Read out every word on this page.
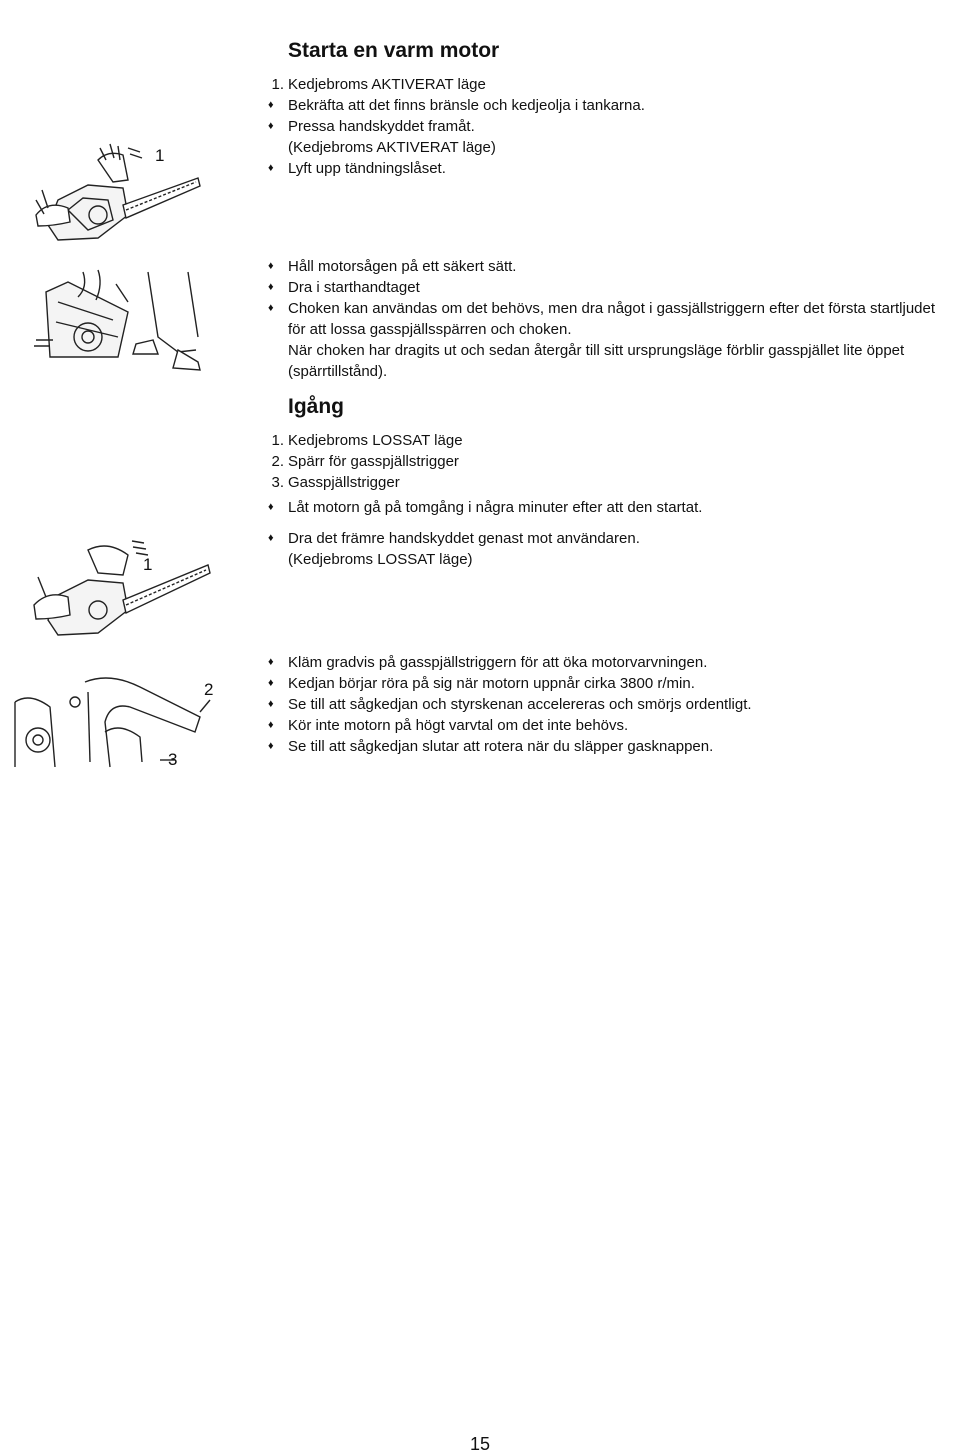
1
1
2
3
Starta en varm motor
1. Kedjebroms AKTIVERAT läge
♦ Bekräfta att det finns bränsle och kedjeolja i tankarna.
♦ Pressa handskyddet framåt.
(Kedjebroms AKTIVERAT läge)
♦ Lyft upp tändningslåset.
♦ Håll motorsågen på ett säkert sätt.
♦ Dra i starthandtaget
♦ Choken kan användas om det behövs, men dra något i gassjällstriggern efter det första startljudet för att lossa gasspjällsspärren och choken.
När choken har dragits ut och sedan återgår till sitt ursprungsläge förblir gasspjället lite öppet (spärrtillstånd).
Igång
1. Kedjebroms LOSSAT läge
2. Spärr för gasspjällstrigger
3. Gasspjällstrigger
♦ Låt motorn gå på tomgång i några minuter efter att den startat.
♦ Dra det främre handskyddet genast mot användaren.
(Kedjebroms LOSSAT läge)
♦ Kläm gradvis på gasspjällstriggern för att öka motorvarvningen.
♦ Kedjan börjar röra på sig när motorn uppnår cirka 3800 r/min.
♦ Se till att sågkedjan och styrskenan accelereras och smörjs ordentligt.
♦ Kör inte motorn på högt varvtal om det inte behövs.
♦ Se till att sågkedjan slutar att rotera när du släpper gasknappen.
15
